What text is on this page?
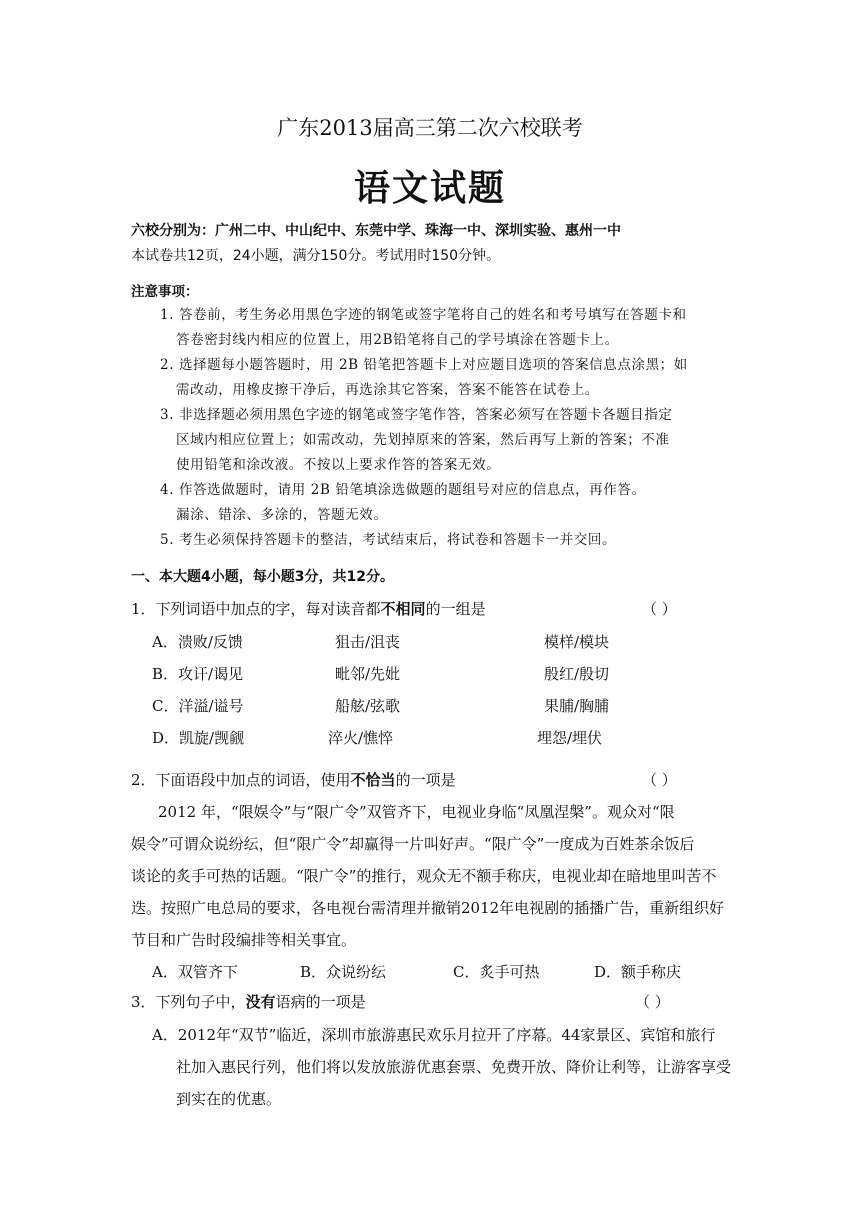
广东2013届高三第二次六校联考
语文试题
六校分别为：广州二中、中山纪中、东莞中学、珠海一中、深圳实验、惠州一中
本试卷共12页，24小题，满分150分。考试用时150分钟。
注意事项：
1. 答卷前，考生务必用黑色字迹的钢笔或签字笔将自己的姓名和考号填写在答题卡和
答卷密封线内相应的位置上，用2B铅笔将自己的学号填涂在答题卡上。
2. 选择题每小题答题时，用 2B 铅笔把答题卡上对应题目选项的答案信息点涂黑；如
需改动，用橡皮擦干净后，再选涂其它答案，答案不能答在试卷上。
3. 非选择题必须用黑色字迹的钢笔或签字笔作答，答案必须写在答题卡各题目指定
区域内相应位置上；如需改动，先划掉原来的答案，然后再写上新的答案；不准
使用铅笔和涂改液。不按以上要求作答的答案无效。
4. 作答选做题时，请用 2B 铅笔填涂选做题的题组号对应的信息点，再作答。
漏涂、错涂、多涂的，答题无效。
5. 考生必须保持答题卡的整洁，考试结束后，将试卷和答题卡一并交回。
一、本大题4小题，每小题3分，共12分。
1．下列词语中加点的字，每对读音都不相同的一组是	（ ）
A．溃败/反馈	狙击/沮丧	模样/模块
B．攻讦/谒见	毗邻/先妣	殷红/殷切
C．洋溢/谥号	船舷/弦歌	果脯/胸脯
D．凯旋/觊觎	淬火/憔悴	埋怨/埋伏
2．下面语段中加点的词语，使用不恰当的一项是	（ ）
2012 年，“限娱令”与“限广令”双管齐下，电视业身临“凤凰涅槃”。观众对“限
娱令”可谓众说纷纭，但“限广令”却赢得一片叫好声。“限广令”一度成为百姓茶余饭后
谈论的炙手可热的话题。“限广令”的推行，观众无不额手称庆，电视业却在暗地里叫苦不
迭。按照广电总局的要求，各电视台需清理并撤销2012年电视剧的插播广告，重新组织好
节目和广告时段编排等相关事宜。
A．双管齐下	B．众说纷纭	C．炙手可热	D．额手称庆
3．下列句子中，没有语病的一项是	（ ）
A．2012年“双节”临近，深圳市旅游惠民欢乐月拉开了序幕。44家景区、宾馆和旅行
社加入惠民行列，他们将以发放旅游优惠套票、免费开放、降价让利等，让游客享受
到实在的优惠。
